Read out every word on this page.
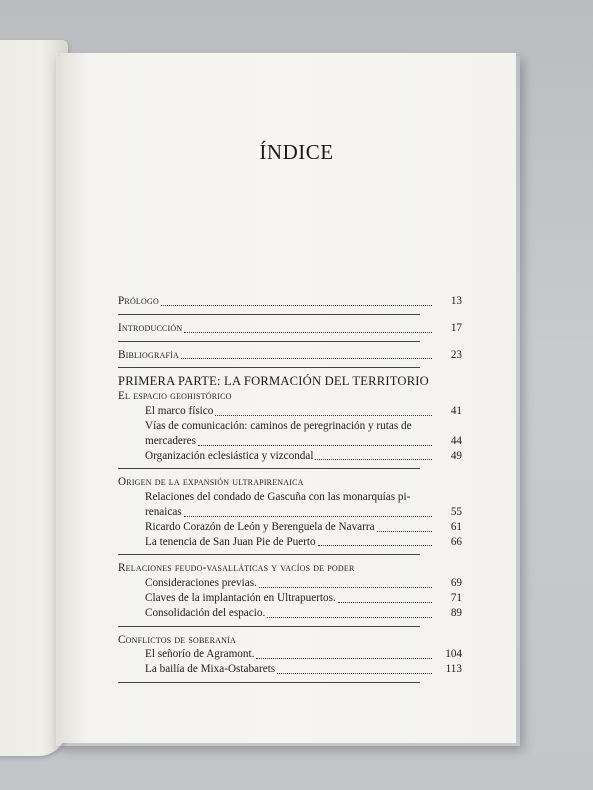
ÍNDICE
Prólogo	13
Introducción	17
Bibliografía	23
PRIMERA PARTE: LA FORMACIÓN DEL TERRITORIO
El espacio geohistórico
El marco físico	41
Vías de comunicación: caminos de peregrinación y rutas de
mercaderes	44
Organización eclesiástica y vizcondal	49
Origen de la expansión ultrapirenaica
Relaciones del condado de Gascuña con las monarquías pi-
renaicas	55
Ricardo Corazón de León y Berenguela de Navarra	61
La tenencia de San Juan Pie de Puerto	66
Relaciones feudo-vasalláticas y vacíos de poder
Consideraciones previas.	69
Claves de la implantación en Ultrapuertos.	71
Consolidación del espacio.	89
Conflictos de soberanía
El señorío de Agramont.	104
La bailía de Mixa-Ostabarets	113
